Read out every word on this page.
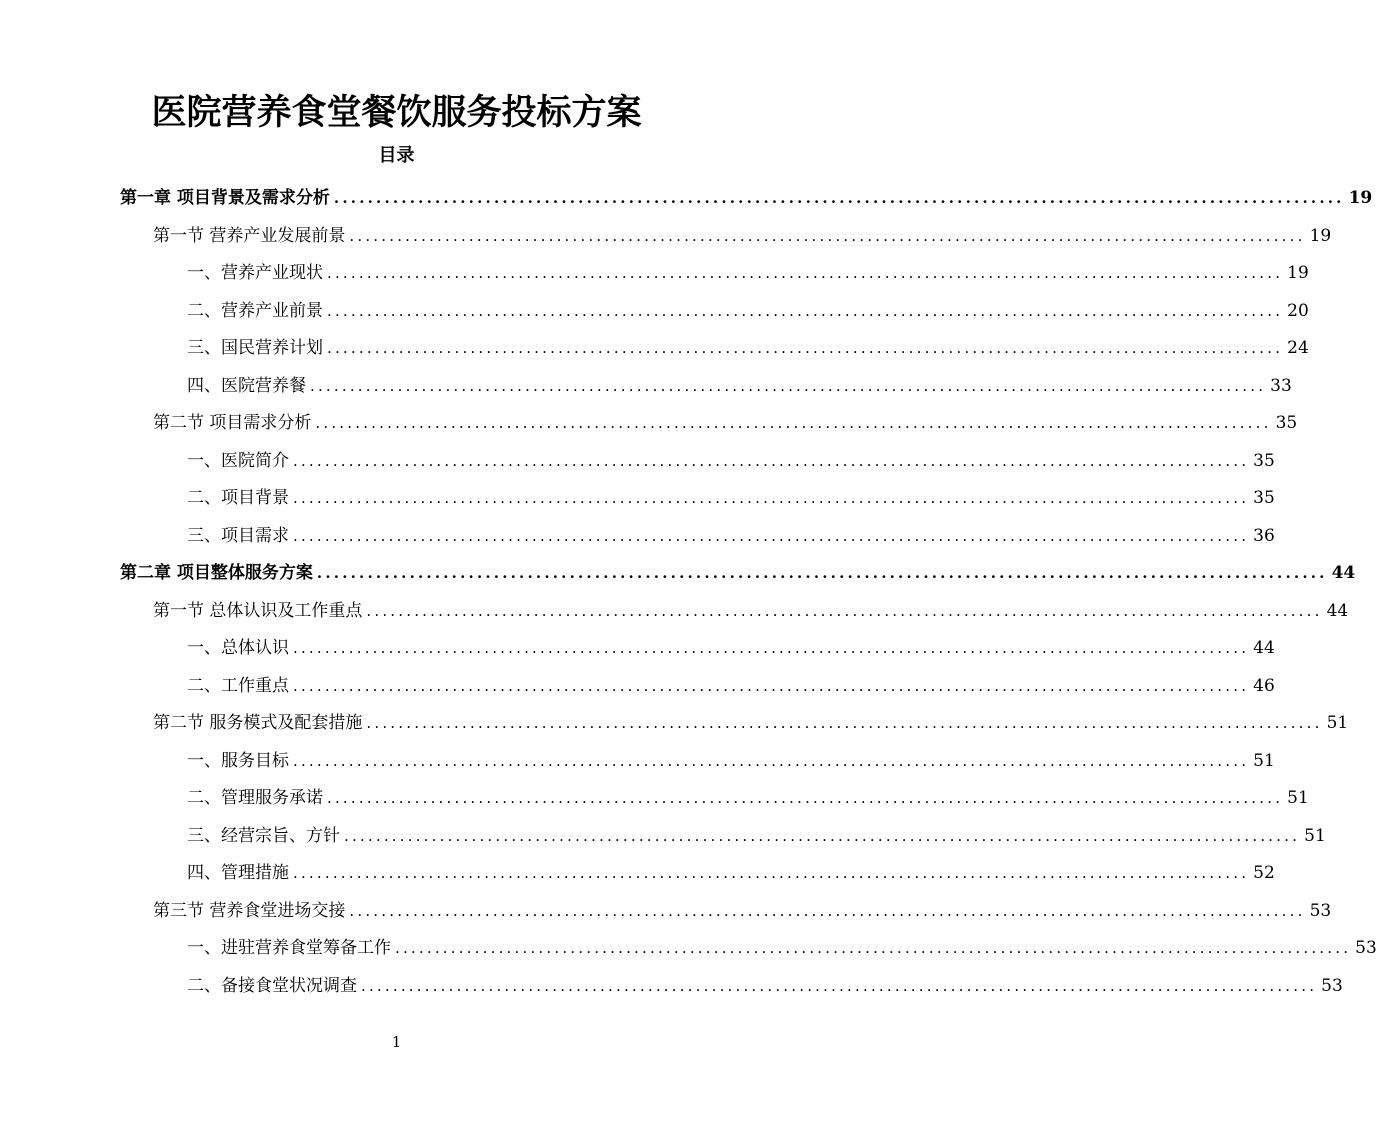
医院营养食堂餐饮服务投标方案
目录
第一章 项目背景及需求分析 ........................................................................................................................ 19
第一节 营养产业发展前景 ........................................................................................................................ 19
一、营养产业现状 ........................................................................................................................ 19
二、营养产业前景 ........................................................................................................................ 20
三、国民营养计划 ........................................................................................................................ 24
四、医院营养餐 ........................................................................................................................ 33
第二节 项目需求分析 ........................................................................................................................ 35
一、医院简介 ........................................................................................................................ 35
二、项目背景 ........................................................................................................................ 35
三、项目需求 ........................................................................................................................ 36
第二章 项目整体服务方案 ........................................................................................................................ 44
第一节 总体认识及工作重点 ........................................................................................................................ 44
一、总体认识 ........................................................................................................................ 44
二、工作重点 ........................................................................................................................ 46
第二节 服务模式及配套措施 ........................................................................................................................ 51
一、服务目标 ........................................................................................................................ 51
二、管理服务承诺 ........................................................................................................................ 51
三、经营宗旨、方针 ........................................................................................................................ 51
四、管理措施 ........................................................................................................................ 52
第三节 营养食堂进场交接 ........................................................................................................................ 53
一、进驻营养食堂筹备工作 ........................................................................................................................ 53
二、备接食堂状况调查 ........................................................................................................................ 53
1
